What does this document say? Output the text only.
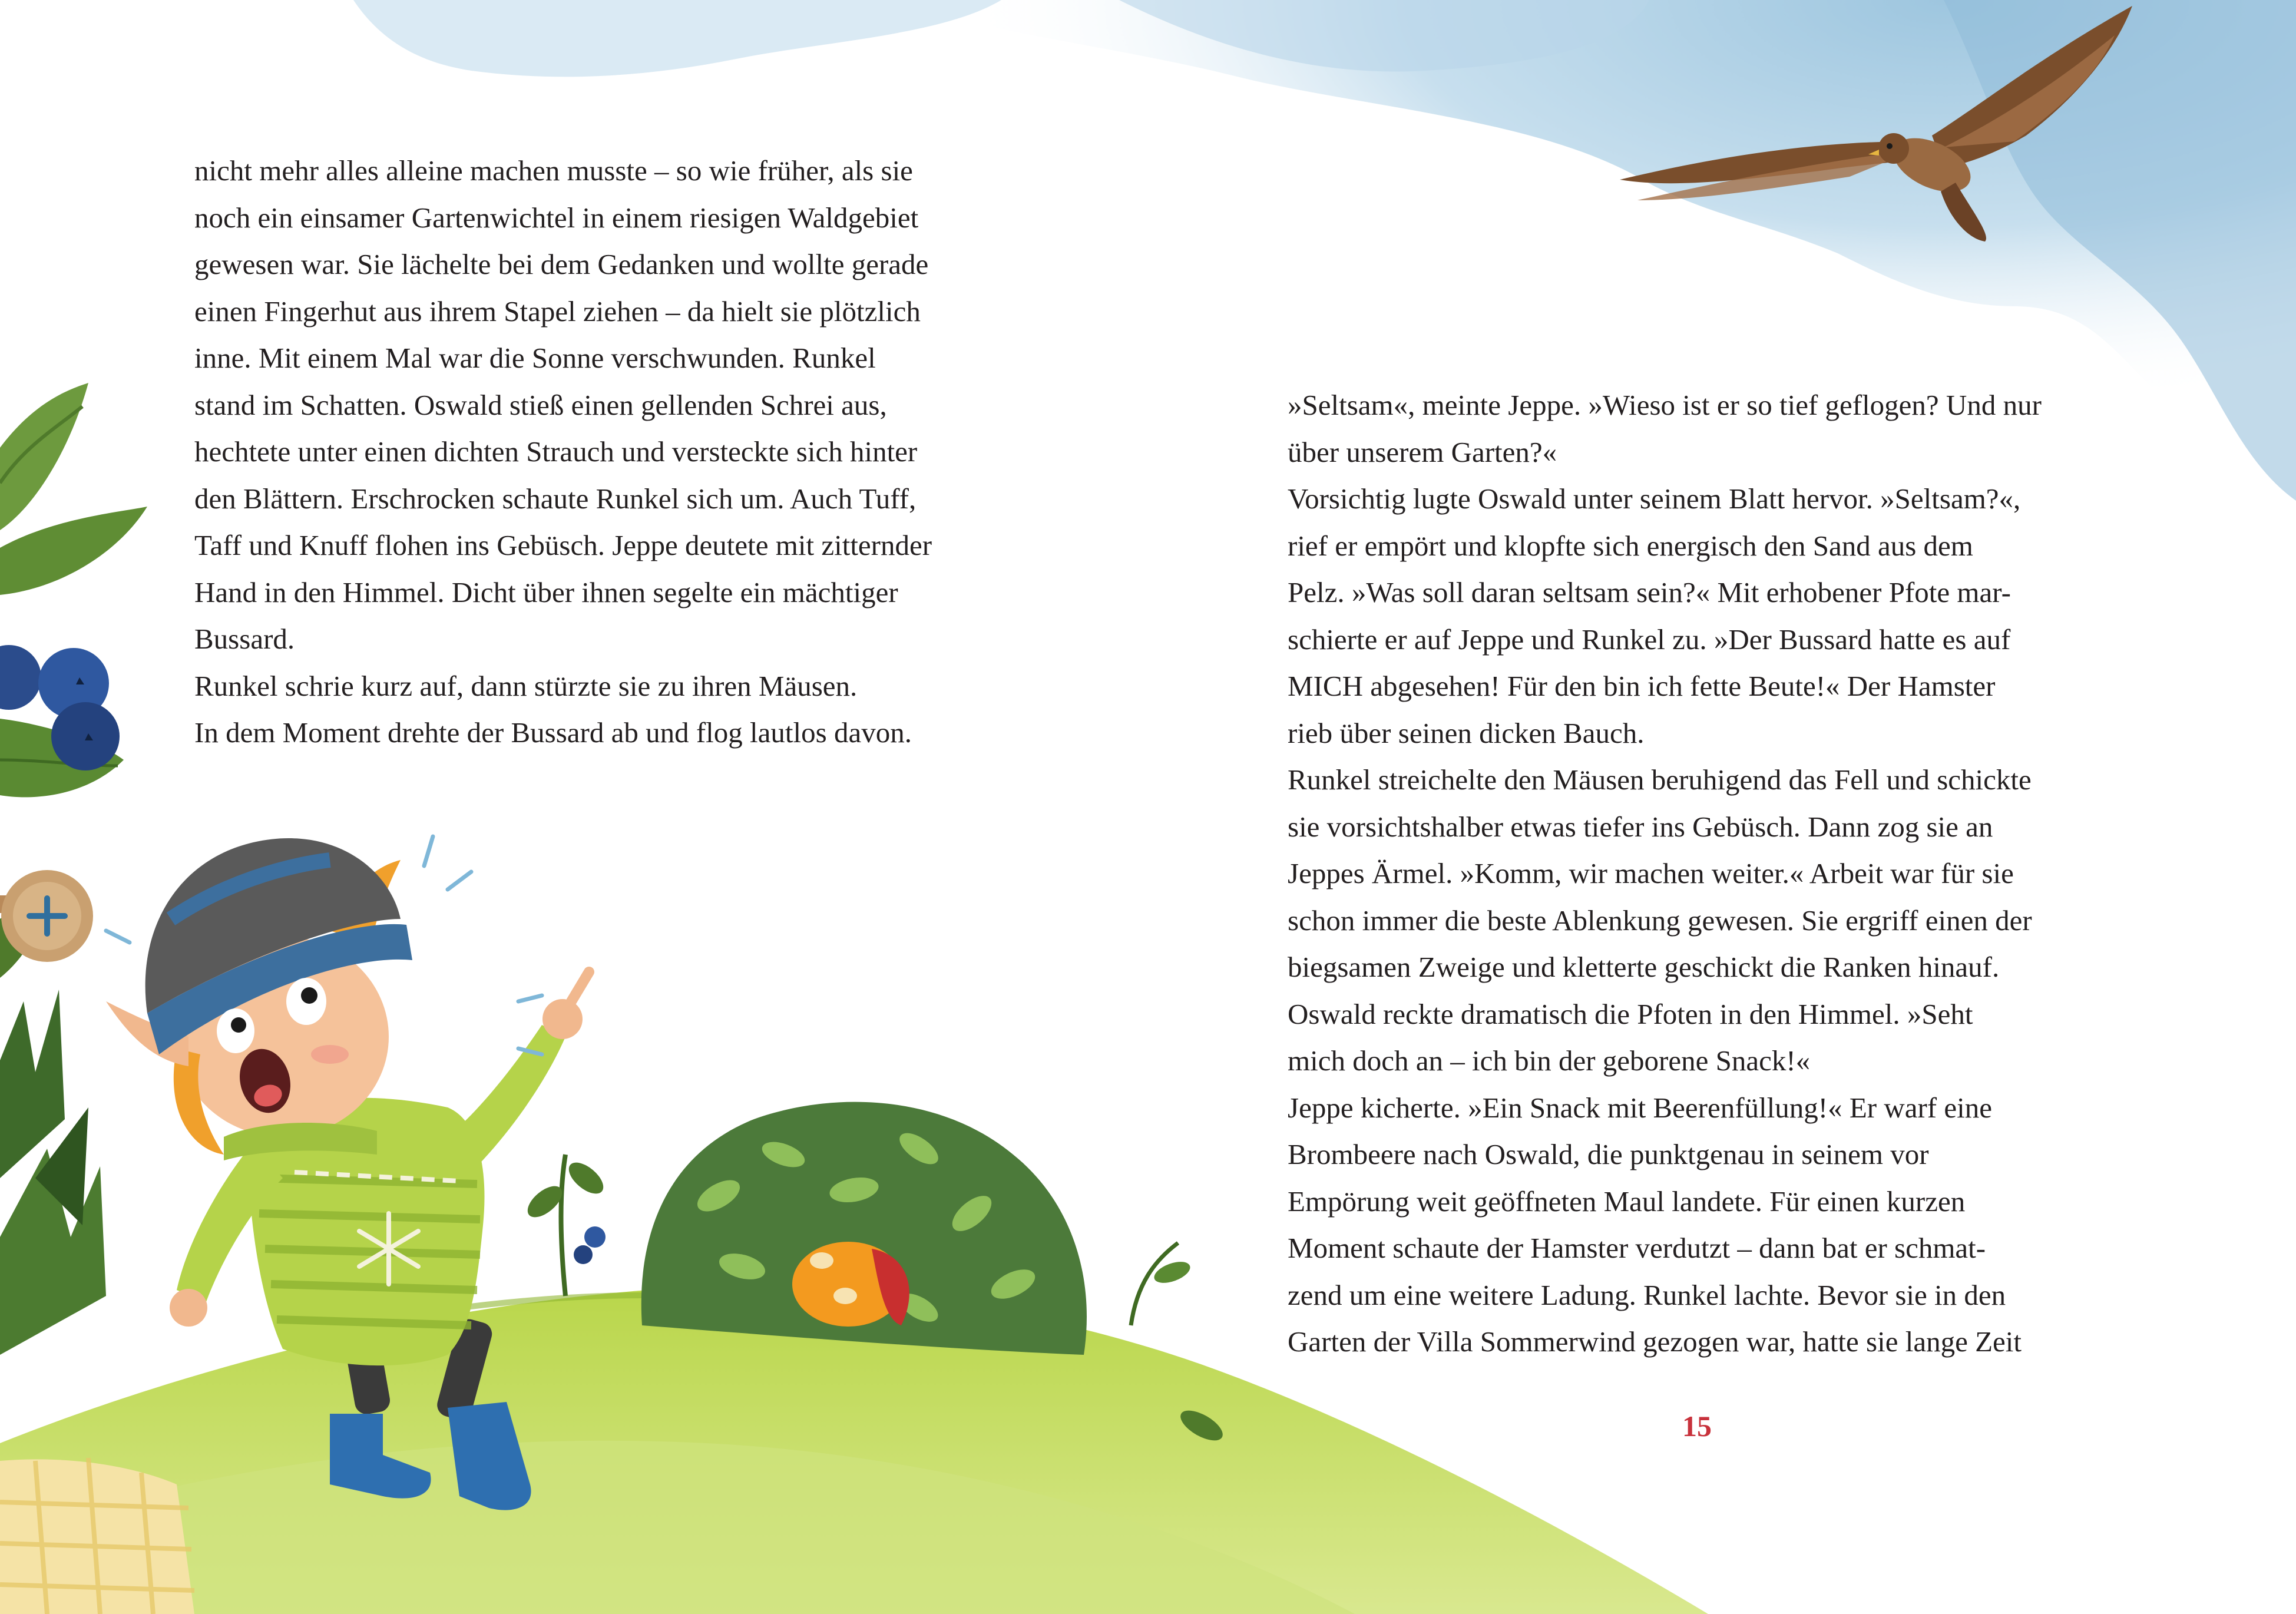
nicht mehr alles alleine machen musste – so wie früher, als sie
noch ein einsamer Gartenwichtel in einem riesigen Waldgebiet
gewesen war. Sie lächelte bei dem Gedanken und wollte gerade
einen Fingerhut aus ihrem Stapel ziehen – da hielt sie plötzlich
inne. Mit einem Mal war die Sonne verschwunden. Runkel
stand im Schatten. Oswald stieß einen gellenden Schrei aus,
hechtete unter einen dichten Strauch und versteckte sich hinter
den Blättern. Erschrocken schaute Runkel sich um. Auch Tuff,
Taff und Knuff flohen ins Gebüsch. Jeppe deutete mit zitternder
Hand in den Himmel. Dicht über ihnen segelte ein mächtiger
Bussard.
Runkel schrie kurz auf, dann stürzte sie zu ihren Mäusen.
In dem Moment drehte der Bussard ab und flog lautlos davon.
»Seltsam«, meinte Jeppe. »Wieso ist er so tief geflogen? Und nur
über unserem Garten?«
Vorsichtig lugte Oswald unter seinem Blatt hervor. »Seltsam?«,
rief er empört und klopfte sich energisch den Sand aus dem
Pelz. »Was soll daran seltsam sein?« Mit erhobener Pfote mar-
schierte er auf Jeppe und Runkel zu. »Der Bussard hatte es auf
MICH abgesehen! Für den bin ich fette Beute!« Der Hamster
rieb über seinen dicken Bauch.
Runkel streichelte den Mäusen beruhigend das Fell und schickte
sie vorsichtshalber etwas tiefer ins Gebüsch. Dann zog sie an
Jeppes Ärmel. »Komm, wir machen weiter.« Arbeit war für sie
schon immer die beste Ablenkung gewesen. Sie ergriff einen der
biegsamen Zweige und kletterte geschickt die Ranken hinauf.
Oswald reckte dramatisch die Pfoten in den Himmel. »Seht
mich doch an – ich bin der geborene Snack!«
Jeppe kicherte. »Ein Snack mit Beerenfüllung!« Er warf eine
Brombeere nach Oswald, die punktgenau in seinem vor
Empörung weit geöffneten Maul landete. Für einen kurzen
Moment schaute der Hamster verdutzt – dann bat er schmat-
zend um eine weitere Ladung. Runkel lachte. Bevor sie in den
Garten der Villa Sommerwind gezogen war, hatte sie lange Zeit
15
